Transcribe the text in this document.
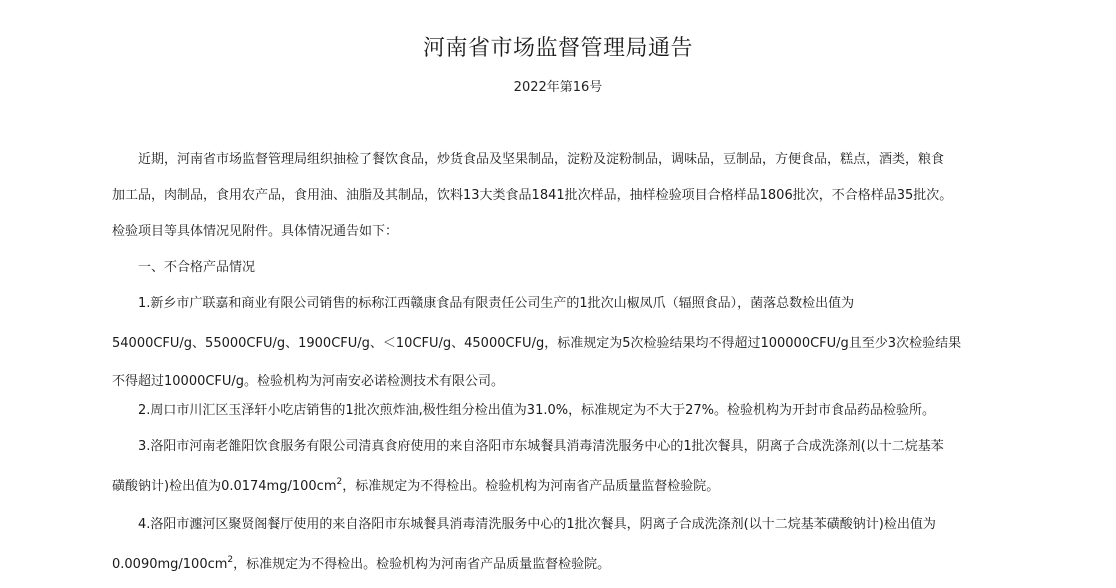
河南省市场监督管理局通告
2022年第16号

近期，河南省市场监督管理局组织抽检了餐饮食品，炒货食品及坚果制品，淀粉及淀粉制品，调味品，豆制品，方便食品，糕点，酒类，粮食
加工品，肉制品，食用农产品，食用油、油脂及其制品，饮料13大类食品1841批次样品，抽样检验项目合格样品1806批次，不合格样品35批次。
检验项目等具体情况见附件。具体情况通告如下：

一、不合格产品情况

1.新乡市广联嘉和商业有限公司销售的标称江西赣康食品有限责任公司生产的1批次山椒凤爪（辐照食品），菌落总数检出值为
54000CFU/g、55000CFU/g、1900CFU/g、＜10CFU/g、45000CFU/g，标准规定为5次检验结果均不得超过100000CFU/g且至少3次检验结果
不得超过10000CFU/g。检验机构为河南安必诺检测技术有限公司。

2.周口市川汇区玉泽轩小吃店销售的1批次煎炸油,极性组分检出值为31.0%，标准规定为不大于27%。检验机构为开封市食品药品检验所。

3.洛阳市河南老雒阳饮食服务有限公司清真食府使用的来自洛阳市东城餐具消毒清洗服务中心的1批次餐具，阴离子合成洗涤剂(以十二烷基苯
磺酸钠计)检出值为$0.0174mg/100cm^2$，标准规定为不得检出。检验机构为河南省产品质量监督检验院。

4.洛阳市瀍河区聚贤阁餐厅使用的来自洛阳市东城餐具消毒清洗服务中心的1批次餐具，阴离子合成洗涤剂(以十二烷基苯磺酸钠计)检出值为
$0.0090mg/100cm^2$，标准规定为不得检出。检验机构为河南省产品质量监督检验院。
